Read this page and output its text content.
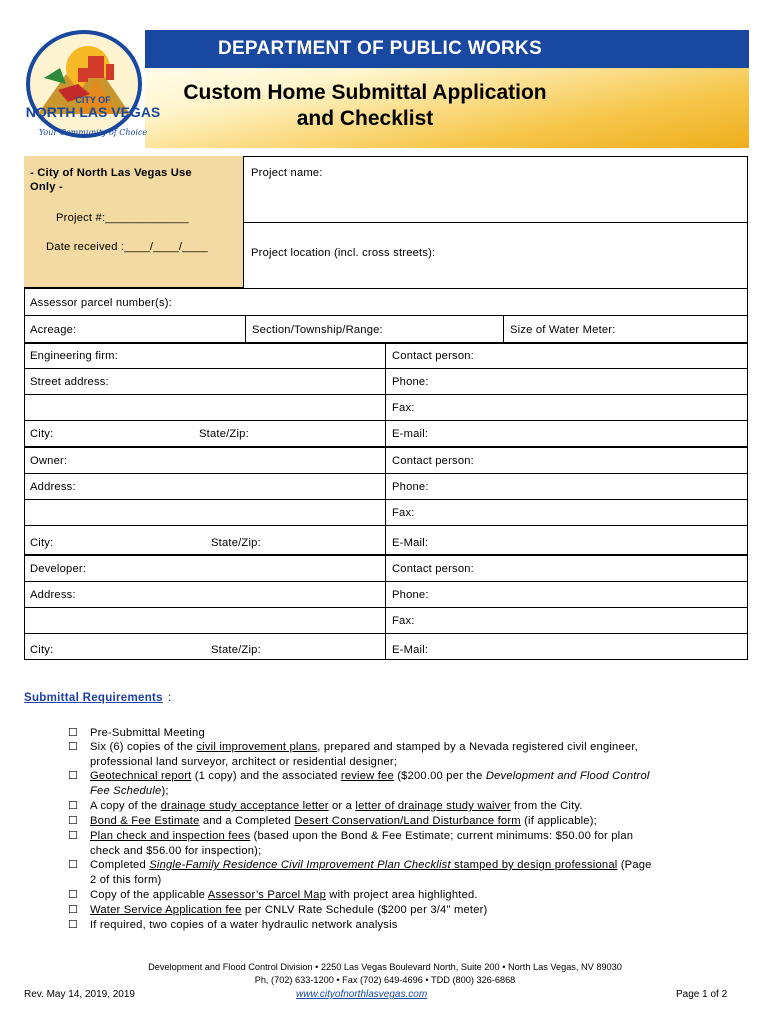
DEPARTMENT OF PUBLIC WORKS
Custom Home Submittal Application
and Checklist
CITY OF
NORTH LAS VEGAS
Your Community of Choice
- City of North Las Vegas Use
Only -
Project #:_____________
Date received :____/____/____
Project name:
Project location (incl. cross streets):
Assessor parcel number(s):
Acreage:	Section/Township/Range:	Size of Water Meter:
Engineering firm:	Contact person:
Street address:	Phone:
Fax:
City:	State/Zip:	E-mail:
Owner:	Contact person:
Address:	Phone:
Fax:
City:	State/Zip:	E-Mail:
Developer:	Contact person:
Address:	Phone:
Fax:
City:	State/Zip:	E-Mail:
Submittal Requirements :
☐ Pre-Submittal Meeting
☐ Six (6) copies of the civil improvement plans, prepared and stamped by a Nevada registered civil engineer,
professional land surveyor, architect or residential designer;
☐ Geotechnical report (1 copy) and the associated review fee ($200.00 per the Development and Flood Control
Fee Schedule);
☐ A copy of the drainage study acceptance letter or a letter of drainage study waiver from the City.
☐ Bond & Fee Estimate and a Completed Desert Conservation/Land Disturbance form (if applicable);
☐ Plan check and inspection fees (based upon the Bond & Fee Estimate; current minimums: $50.00 for plan
check and $56.00 for inspection);
☐ Completed Single-Family Residence Civil Improvement Plan Checklist stamped by design professional (Page
2 of this form)
☐ Copy of the applicable Assessor’s Parcel Map with project area highlighted.
☐ Water Service Application fee per CNLV Rate Schedule ($200 per 3/4" meter)
☐ If required, two copies of a water hydraulic network analysis
Development and Flood Control Division • 2250 Las Vegas Boulevard North, Suite 200 • North Las Vegas, NV 89030
Ph, (702) 633-1200 • Fax (702) 649-4696 • TDD (800) 326-6868
Rev. May 14, 2019, 2019	www.cityofnorthlasvegas.com	Page 1 of 2
